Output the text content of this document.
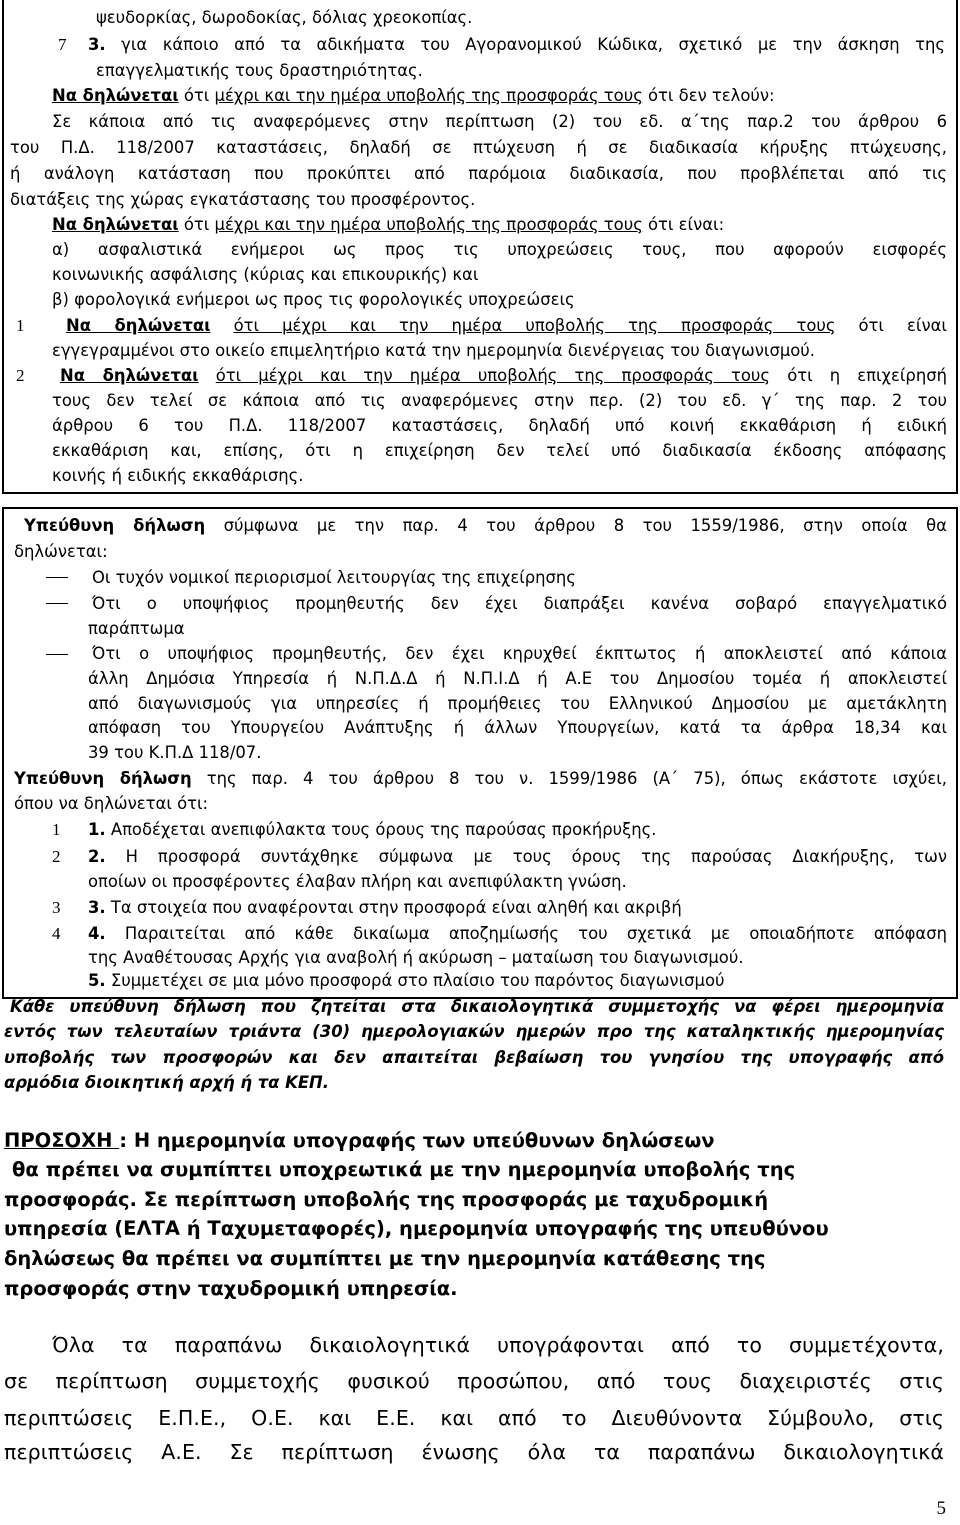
ψευδορκίας, δωροδοκίας, δόλιας χρεοκοπίας.
7 3. για κάποιο από τα αδικήματα του Αγορανομικού Κώδικα, σχετικό με την άσκηση της
επαγγελματικής τους δραστηριότητας.
Να δηλώνεται ότι μέχρι και την ημέρα υποβολής της προσφοράς τους ότι δεν τελούν:
Σε κάποια από τις αναφερόμενες στην περίπτωση (2) του εδ. α΄της παρ.2 του άρθρου 6
του Π.Δ. 118/2007 καταστάσεις, δηλαδή σε πτώχευση ή σε διαδικασία κήρυξης πτώχευσης,
ή ανάλογη κατάσταση που προκύπτει από παρόμοια διαδικασία, που προβλέπεται από τις
διατάξεις της χώρας εγκατάστασης του προσφέροντος.
Να δηλώνεται ότι μέχρι και την ημέρα υποβολής της προσφοράς τους ότι είναι:
α) ασφαλιστικά ενήμεροι ως προς τις υποχρεώσεις τους, που αφορούν εισφορές
κοινωνικής ασφάλισης (κύριας και επικουρικής) και
β) φορολογικά ενήμεροι ως προς τις φορολογικές υποχρεώσεις
1	Να δηλώνεται ότι μέχρι και την ημέρα υποβολής της προσφοράς τους ότι είναι
εγγεγραμμένοι στο οικείο επιμελητήριο κατά την ημερομηνία διενέργειας του διαγωνισμού.
2 Να δηλώνεται ότι μέχρι και την ημέρα υποβολής της προσφοράς τους ότι η επιχείρησή
τους δεν τελεί σε κάποια από τις αναφερόμενες στην περ. (2) του εδ. γ΄ της παρ. 2 του
άρθρου 6 του Π.Δ. 118/2007 καταστάσεις, δηλαδή υπό κοινή εκκαθάριση ή ειδική
εκκαθάριση και, επίσης, ότι η επιχείρηση δεν τελεί υπό διαδικασία έκδοσης απόφασης
κοινής ή ειδικής εκκαθάρισης.
Υπεύθυνη δήλωση σύμφωνα με την παρ. 4 του άρθρου 8 του 1559/1986, στην οποία θα
δηλώνεται:
Οι τυχόν νομικοί περιορισμοί λειτουργίας της επιχείρησης
Ότι ο υποψήφιος προμηθευτής δεν έχει διαπράξει κανένα σοβαρό επαγγελματικό
παράπτωμα
Ότι ο υποψήφιος προμηθευτής, δεν έχει κηρυχθεί έκπτωτος ή αποκλειστεί από κάποια
άλλη Δημόσια Υπηρεσία ή Ν.Π.Δ.Δ ή Ν.Π.Ι.Δ ή Α.Ε του Δημοσίου τομέα ή αποκλειστεί
από διαγωνισμούς για υπηρεσίες ή προμήθειες του Ελληνικού Δημοσίου με αμετάκλητη
απόφαση του Υπουργείου Ανάπτυξης ή άλλων Υπουργείων, κατά τα άρθρα 18,34 και
39 του Κ.Π.Δ 118/07.
Υπεύθυνη δήλωση της παρ. 4 του άρθρου 8 του ν. 1599/1986 (Α΄ 75), όπως εκάστοτε ισχύει,
όπου να δηλώνεται ότι:
1 1. Αποδέχεται ανεπιφύλακτα τους όρους της παρούσας προκήρυξης.
2 2. Η προσφορά συντάχθηκε σύμφωνα με τους όρους της παρούσας Διακήρυξης, των
οποίων οι προσφέροντες έλαβαν πλήρη και ανεπιφύλακτη γνώση.
3 3. Τα στοιχεία που αναφέρονται στην προσφορά είναι αληθή και ακριβή
4 4. Παραιτείται από κάθε δικαίωμα αποζημίωσής του σχετικά με οποιαδήποτε απόφαση
της Αναθέτουσας Αρχής για αναβολή ή ακύρωση – ματαίωση του διαγωνισμού.
5. Συμμετέχει σε μια μόνο προσφορά στο πλαίσιο του παρόντος διαγωνισμού
Κάθε υπεύθυνη δήλωση που ζητείται στα δικαιολογητικά συμμετοχής να φέρει ημερομηνία
εντός των τελευταίων τριάντα (30) ημερολογιακών ημερών προ της καταληκτικής ημερομηνίας
υποβολής των προσφορών και δεν απαιτείται βεβαίωση του γνησίου της υπογραφής από
αρμόδια διοικητική αρχή ή τα ΚΕΠ.
ΠΡΟΣΟΧΗ : Η ημερομηνία υπογραφής των υπεύθυνων δηλώσεων
θα πρέπει να συμπίπτει υποχρεωτικά με την ημερομηνία υποβολής της
προσφοράς. Σε περίπτωση υποβολής της προσφοράς με ταχυδρομική
υπηρεσία (ΕΛΤΑ ή Ταχυμεταφορές), ημερομηνία υπογραφής της υπευθύνου
δηλώσεως θα πρέπει να συμπίπτει με την ημερομηνία κατάθεσης της
προσφοράς στην ταχυδρομική υπηρεσία.
Όλα τα παραπάνω δικαιολογητικά υπογράφονται από το συμμετέχοντα,
σε περίπτωση συμμετοχής φυσικού προσώπου, από τους διαχειριστές στις
περιπτώσεις Ε.Π.Ε., Ο.Ε. και Ε.Ε. και από το Διευθύνοντα Σύμβουλο, στις
περιπτώσεις Α.Ε. Σε περίπτωση ένωσης όλα τα παραπάνω δικαιολογητικά
5
